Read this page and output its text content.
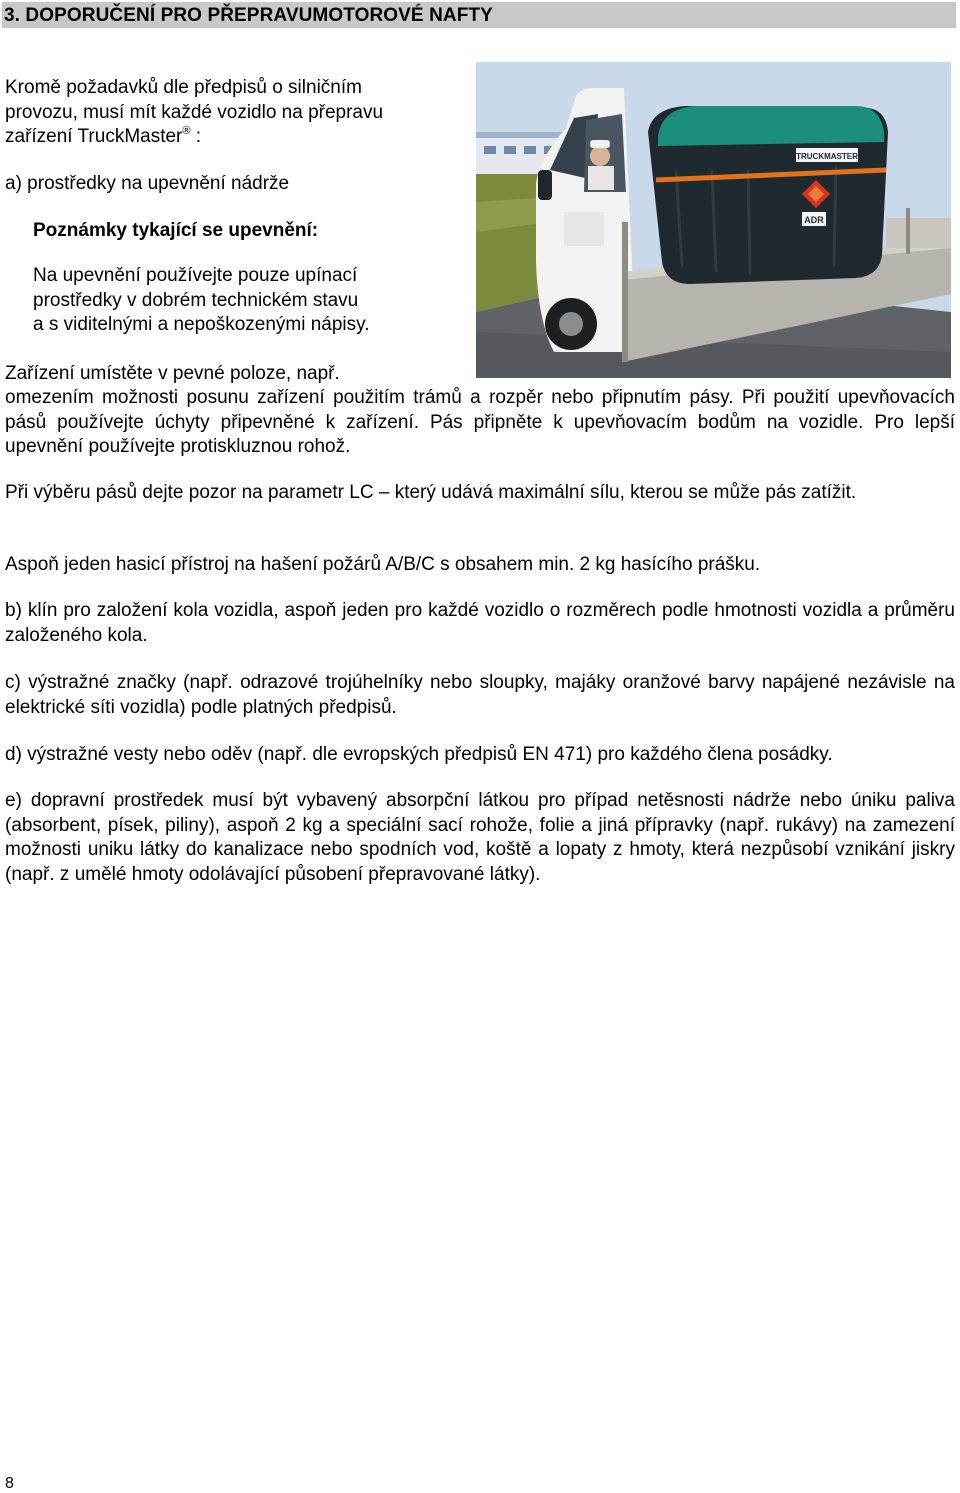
3. DOPORUČENÍ PRO PŘEPRAVUMOTOROVÉ NAFTY
Kromě požadavků dle předpisů o silničním
provozu, musí mít každé vozidlo na přepravu
zařízení TruckMaster® :
a) prostředky na upevnění nádrže
Poznámky tykající se upevnění:
Na upevnění používejte pouze upínací
prostředky v dobrém technickém stavu
a s viditelnými a nepoškozenými nápisy.
Zařízení umístěte v pevné poloze, např.
omezením možnosti posunu zařízení použitím trámů a rozpěr nebo připnutím pásy. Při použití upevňovacích pásů používejte úchyty připevněné k zařízení. Pás připněte k upevňovacím bodům na vozidle. Pro lepší upevnění používejte protiskluznou rohož.
Při výběru pásů dejte pozor na parametr LC – který udává maximální sílu, kterou se může pás zatížit.
Aspoň jeden hasicí přístroj na hašení požárů A/B/C s obsahem min. 2 kg hasícího prášku.
b) klín pro založení kola vozidla, aspoň jeden pro každé vozidlo o rozměrech podle hmotnosti vozidla a průměru založeného kola.
c) výstražné značky (např. odrazové trojúhelníky nebo sloupky, majáky oranžové barvy napájené nezávisle na elektrické síti vozidla) podle platných předpisů.
d) výstražné vesty nebo oděv (např. dle evropských předpisů EN 471) pro každého člena posádky.
e) dopravní prostředek musí být vybavený absorpční látkou pro případ netěsnosti nádrže nebo úniku paliva (absorbent, písek, piliny), aspoň 2 kg a speciální sací rohože, folie a jiná přípravky (např. rukávy) na zamezení možnosti uniku látky do kanalizace nebo spodních vod, koště a lopaty z hmoty, která nezpůsobí vznikání jiskry (např. z umělé hmoty odolávající působení přepravované látky).
TRUCKMASTER
ADR
8
